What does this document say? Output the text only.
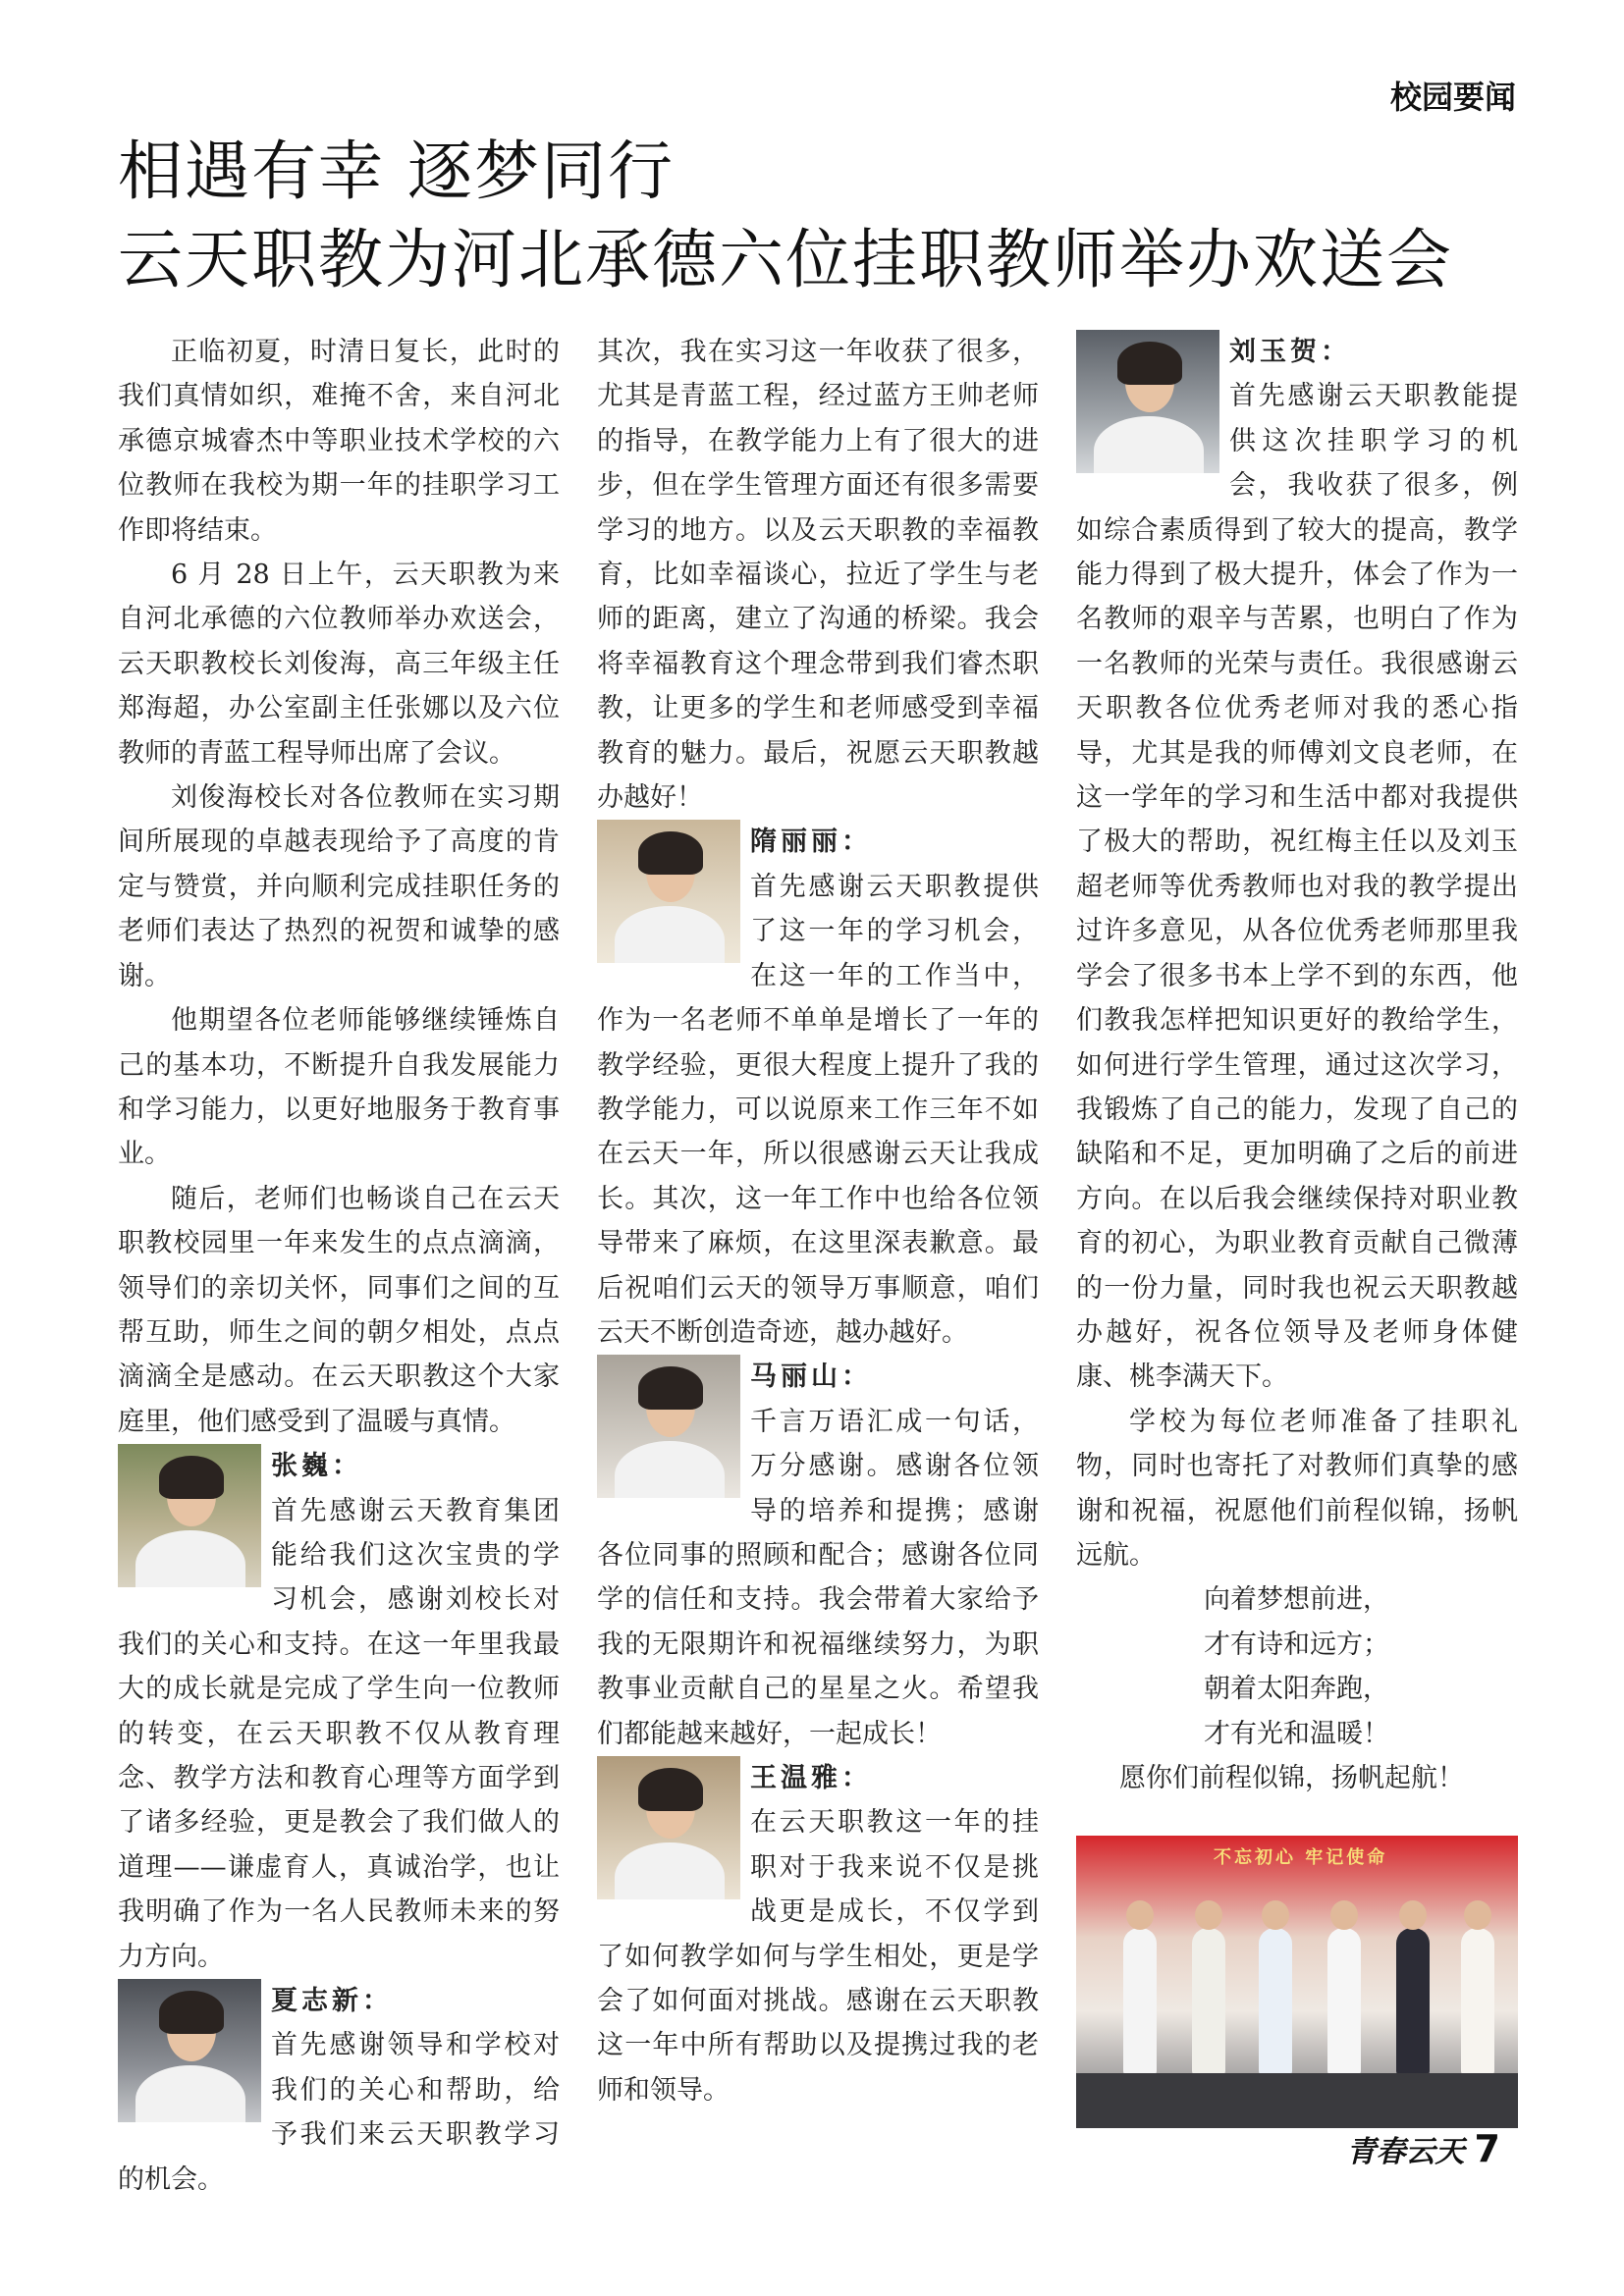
校园要闻
相遇有幸 逐梦同行
云天职教为河北承德六位挂职教师举办欢送会

正临初夏，时清日复长，此时的我们真情如织，难掩不舍，来自河北承德京城睿杰中等职业技术学校的六位教师在我校为期一年的挂职学习工作即将结束。

6 月 28 日上午，云天职教为来自河北承德的六位教师举办欢送会，云天职教校长刘俊海，高三年级主任郑海超，办公室副主任张娜以及六位教师的青蓝工程导师出席了会议。

刘俊海校长对各位教师在实习期间所展现的卓越表现给予了高度的肯定与赞赏，并向顺利完成挂职任务的老师们表达了热烈的祝贺和诚挚的感谢。

他期望各位老师能够继续锤炼自己的基本功，不断提升自我发展能力和学习能力，以更好地服务于教育事业。

随后，老师们也畅谈自己在云天职教校园里一年来发生的点点滴滴，领导们的亲切关怀，同事们之间的互帮互助，师生之间的朝夕相处，点点滴滴全是感动。在云天职教这个大家庭里，他们感受到了温暖与真情。

张巍：
首先感谢云天教育集团能给我们这次宝贵的学习机会，感谢刘校长对我们的关心和支持。在这一年里我最大的成长就是完成了学生向一位教师的转变，在云天职教不仅从教育理念、教学方法和教育心理等方面学到了诸多经验，更是教会了我们做人的道理——谦虚育人，真诚治学，也让我明确了作为一名人民教师未来的努力方向。

夏志新：
首先感谢领导和学校对我们的关心和帮助，给予我们来云天职教学习的机会。

其次，我在实习这一年收获了很多，尤其是青蓝工程，经过蓝方王帅老师的指导，在教学能力上有了很大的进步，但在学生管理方面还有很多需要学习的地方。以及云天职教的幸福教育，比如幸福谈心，拉近了学生与老师的距离，建立了沟通的桥梁。我会将幸福教育这个理念带到我们睿杰职教，让更多的学生和老师感受到幸福教育的魅力。最后，祝愿云天职教越办越好！

隋丽丽：
首先感谢云天职教提供了这一年的学习机会，在这一年的工作当中，作为一名老师不单单是增长了一年的教学经验，更很大程度上提升了我的教学能力，可以说原来工作三年不如在云天一年，所以很感谢云天让我成长。其次，这一年工作中也给各位领导带来了麻烦，在这里深表歉意。最后祝咱们云天的领导万事顺意，咱们云天不断创造奇迹，越办越好。

马丽山：
千言万语汇成一句话，万分感谢。感谢各位领导的培养和提携；感谢各位同事的照顾和配合；感谢各位同学的信任和支持。我会带着大家给予我的无限期许和祝福继续努力，为职教事业贡献自己的星星之火。希望我们都能越来越好，一起成长！

王温雅：
在云天职教这一年的挂职对于我来说不仅是挑战更是成长，不仅学到了如何教学如何与学生相处，更是学会了如何面对挑战。感谢在云天职教这一年中所有帮助以及提携过我的老师和领导。

刘玉贺：
首先感谢云天职教能提供这次挂职学习的机会，我收获了很多，例如综合素质得到了较大的提高，教学能力得到了极大提升，体会了作为一名教师的艰辛与苦累，也明白了作为一名教师的光荣与责任。我很感谢云天职教各位优秀老师对我的悉心指导，尤其是我的师傅刘文良老师，在这一学年的学习和生活中都对我提供了极大的帮助，祝红梅主任以及刘玉超老师等优秀教师也对我的教学提出过许多意见，从各位优秀老师那里我学会了很多书本上学不到的东西，他们教我怎样把知识更好的教给学生，如何进行学生管理，通过这次学习，我锻炼了自己的能力，发现了自己的缺陷和不足，更加明确了之后的前进方向。在以后我会继续保持对职业教育的初心，为职业教育贡献自己微薄的一份力量，同时我也祝云天职教越办越好，祝各位领导及老师身体健康、桃李满天下。

学校为每位老师准备了挂职礼物，同时也寄托了对教师们真挚的感谢和祝福，祝愿他们前程似锦，扬帆远航。

向着梦想前进，
才有诗和远方；
朝着太阳奔跑，
才有光和温暖！
愿你们前程似锦，扬帆起航！
不忘初心 牢记使命
青春云天 7
